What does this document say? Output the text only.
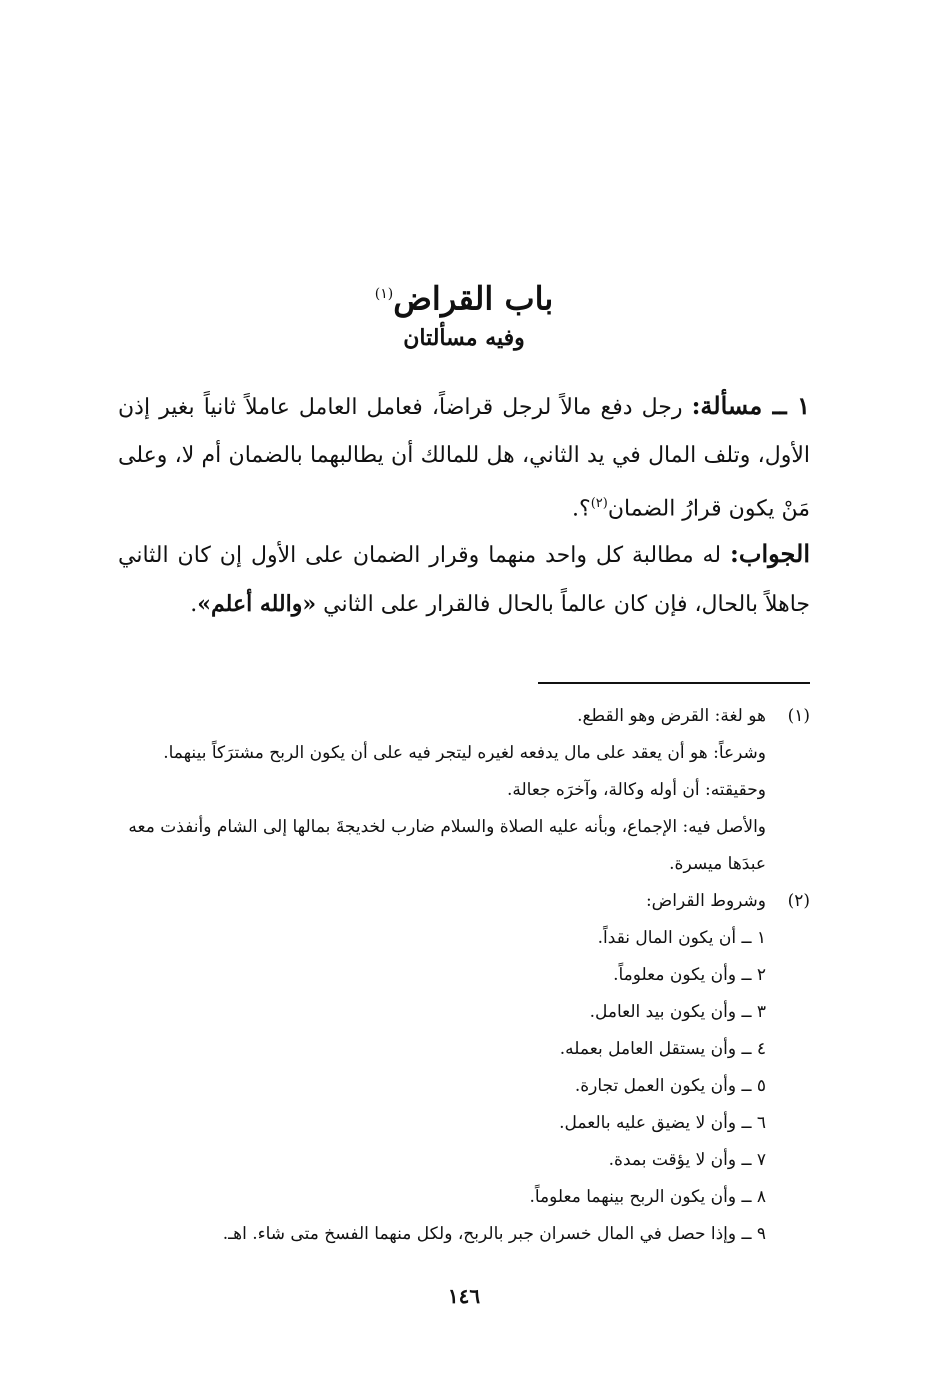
باب القراض$^{(١)}$
وفيه مسألتان

١ ــ مسألة: رجل دفع مالاً لرجل قراضاً، فعامل العامل عاملاً ثانياً بغير إذن الأول، وتلف المال في يد الثاني، هل للمالك أن يطالبهما بالضمان أم لا، وعلى مَنْ يكون قرارُ الضمان$^{(٢)}$؟.

الجواب: له مطالبة كل واحد منهما وقرار الضمان على الأول إن كان الثاني جاهلاً بالحال، فإن كان عالماً بالحال فالقرار على الثاني «والله أعلم».

(١)هو لغة: القرض وهو القطع.

وشرعاً: هو أن يعقد على مال يدفعه لغيره ليتجر فيه على أن يكون الربح مشترَكاً بينهما. وحقيقته: أن أوله وكالة، وآخرَه جعالة.

والأصل فيه: الإجماع، وبأنه عليه الصلاة والسلام ضارب لخديجةَ بمالها إلى الشام وأنفذت معه عبدَها ميسرة.

(٢)وشروط القراض:

١ ــ أن يكون المال نقداً.

٢ ــ وأن يكون معلوماً.

٣ ــ وأن يكون بيد العامل.

٤ ــ وأن يستقل العامل بعمله.

٥ ــ وأن يكون العمل تجارة.

٦ ــ وأن لا يضيق عليه بالعمل.

٧ ــ وأن لا يؤقت بمدة.

٨ ــ وأن يكون الربح بينهما معلوماً.

٩ ــ وإذا حصل في المال خسران جبر بالربح، ولكل منهما الفسخ متى شاء. اهـ.

١٤٦
